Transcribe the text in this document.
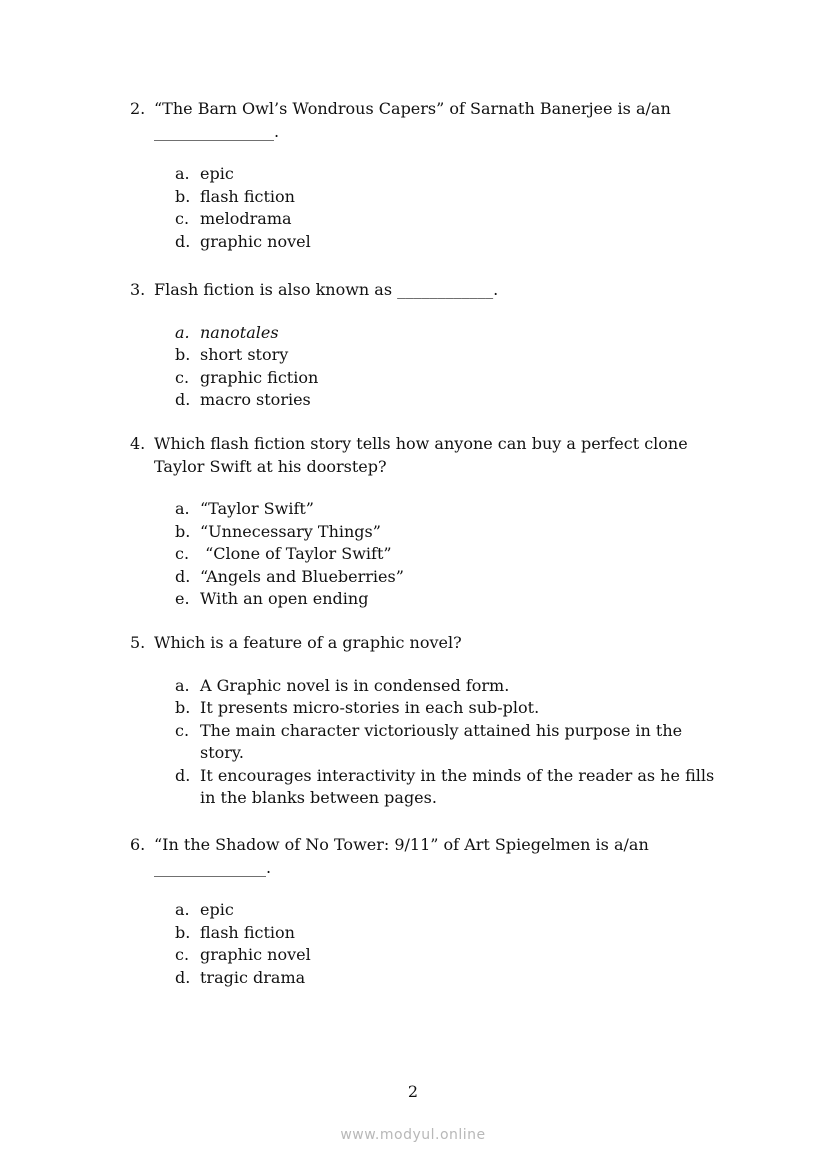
2. “The Barn Owl’s Wondrous Capers” of Sarnath Banerjee is a/an
_______________.
a. epic
b. flash fiction
c. melodrama
d. graphic novel
3. Flash fiction is also known as ____________.
a. nanotales
b. short story
c. graphic fiction
d. macro stories
4. Which flash fiction story tells how anyone can buy a perfect clone
Taylor Swift at his doorstep?
a. “Taylor Swift”
b. “Unnecessary Things”
c. “Clone of Taylor Swift”
d. “Angels and Blueberries”
e. With an open ending
5. Which is a feature of a graphic novel?
a. A Graphic novel is in condensed form.
b. It presents micro-stories in each sub-plot.
c. The main character victoriously attained his purpose in the
story.
d. It encourages interactivity in the minds of the reader as he fills
in the blanks between pages.
6. “In the Shadow of No Tower: 9/11” of Art Spiegelmen is a/an
______________.
a. epic
b. flash fiction
c. graphic novel
d. tragic drama
2
www.modyul.online
